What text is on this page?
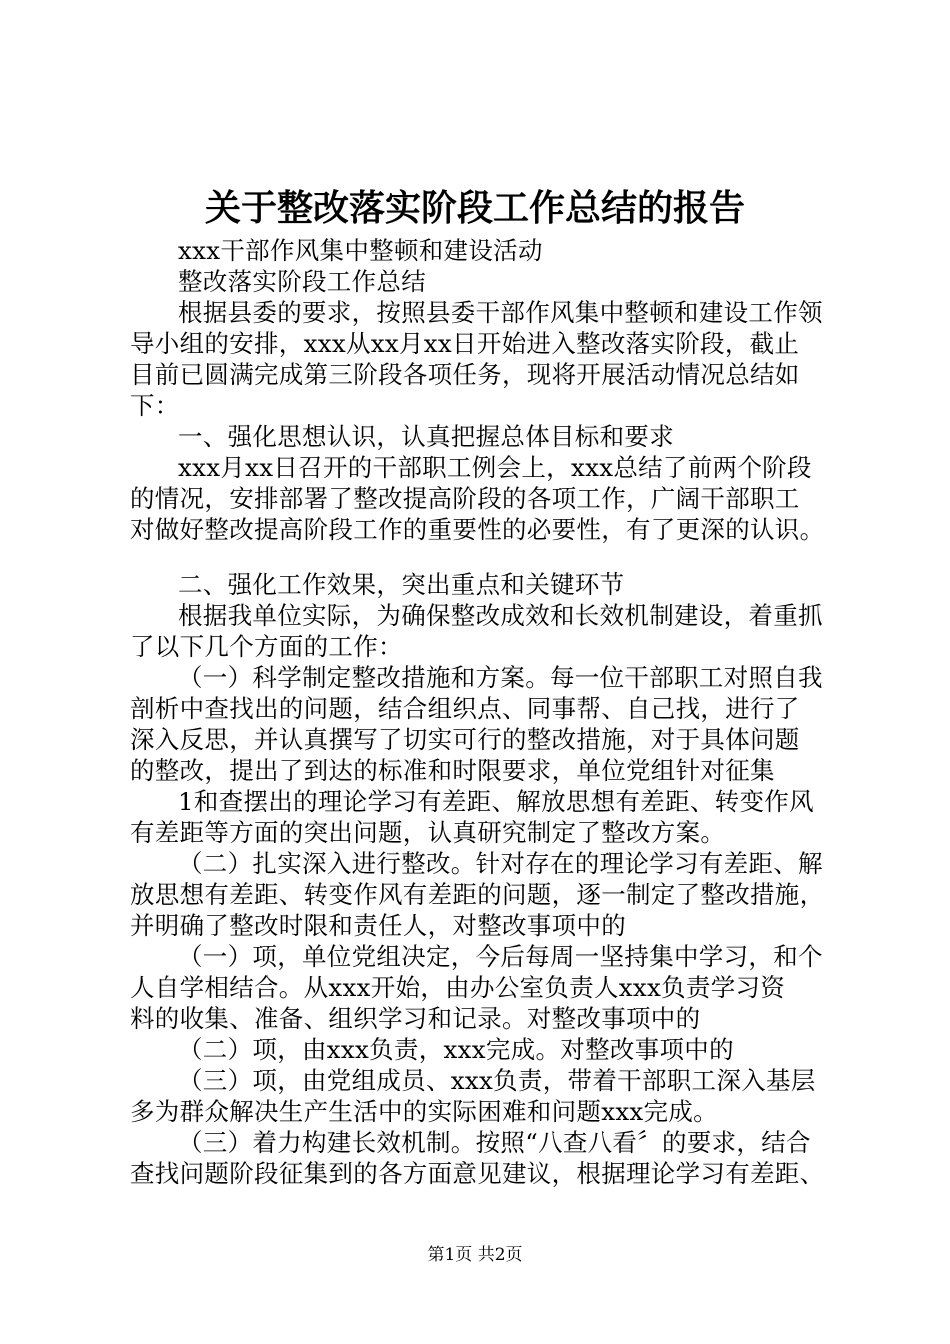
关于整改落实阶段工作总结的报告
xxx干部作风集中整顿和建设活动
整改落实阶段工作总结
根据县委的要求，按照县委干部作风集中整顿和建设工作领
导小组的安排，xxx从xx月xx日开始进入整改落实阶段，截止
目前已圆满完成第三阶段各项任务，现将开展活动情况总结如
下：
一、强化思想认识，认真把握总体目标和要求
xxx月xx日召开的干部职工例会上，xxx总结了前两个阶段
的情况，安排部署了整改提高阶段的各项工作，广阔干部职工
对做好整改提高阶段工作的重要性的必要性，有了更深的认识。
二、强化工作效果，突出重点和关键环节
根据我单位实际，为确保整改成效和长效机制建设，着重抓
了以下几个方面的工作：
（一）科学制定整改措施和方案。每一位干部职工对照自我
剖析中查找出的问题，结合组织点、同事帮、自己找，进行了
深入反思，并认真撰写了切实可行的整改措施，对于具体问题
的整改，提出了到达的标准和时限要求，单位党组针对征集
1和查摆出的理论学习有差距、解放思想有差距、转变作风
有差距等方面的突出问题，认真研究制定了整改方案。
（二）扎实深入进行整改。针对存在的理论学习有差距、解
放思想有差距、转变作风有差距的问题，逐一制定了整改措施，
并明确了整改时限和责任人，对整改事项中的
（一）项，单位党组决定，今后每周一坚持集中学习，和个
人自学相结合。从xxx开始，由办公室负责人xxx负责学习资
料的收集、准备、组织学习和记录。对整改事项中的
（二）项，由xxx负责，xxx完成。对整改事项中的
（三）项，由党组成员、xxx负责，带着干部职工深入基层
多为群众解决生产生活中的实际困难和问题xxx完成。
（三）着力构建长效机制。按照“八查八看〞的要求，结合
查找问题阶段征集到的各方面意见建议，根据理论学习有差距、
第1页 共2页
